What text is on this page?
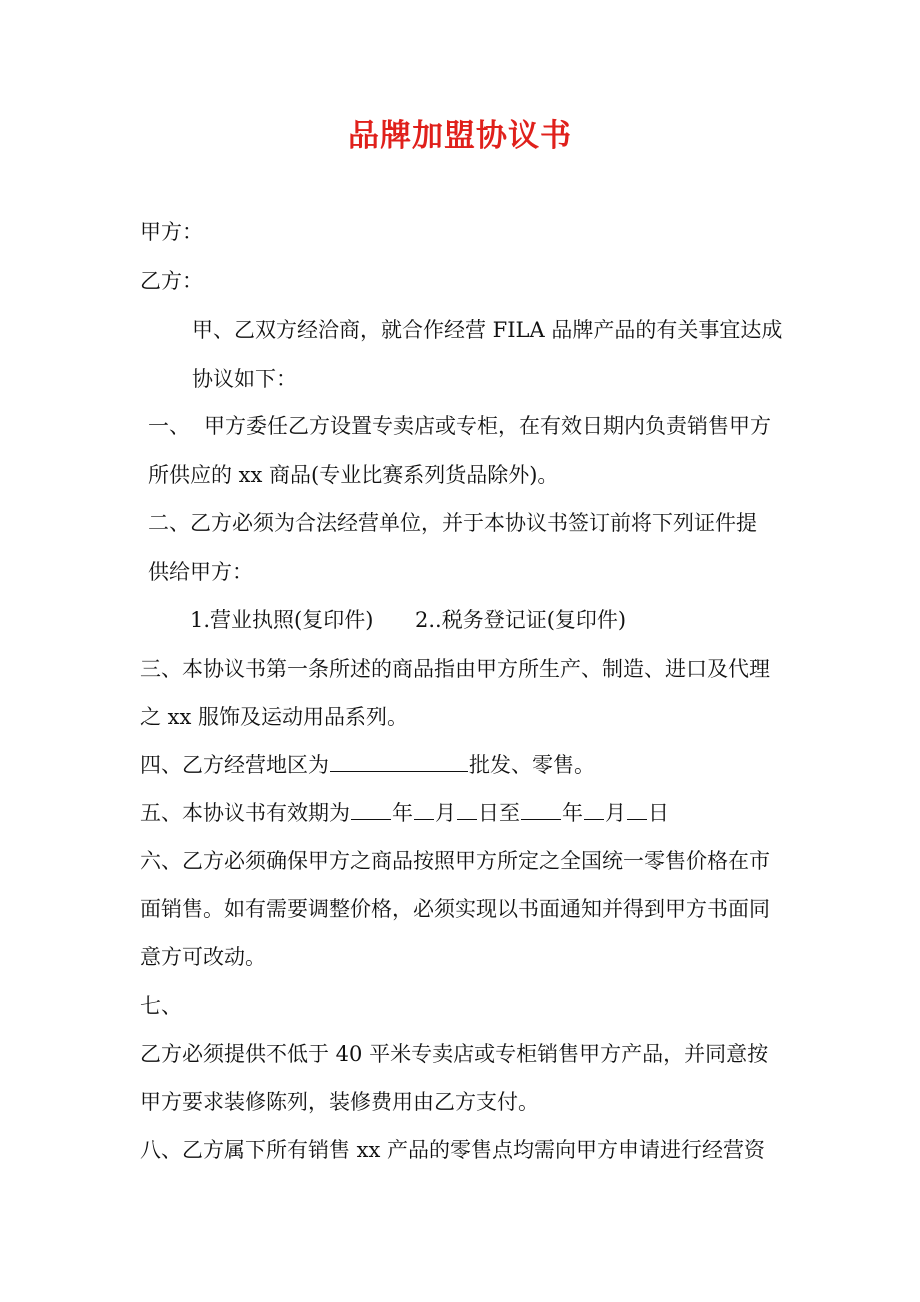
品牌加盟协议书
甲方：
乙方：
甲、乙双方经洽商，就合作经营 FILA 品牌产品的有关事宜达成
协议如下：
一、 甲方委任乙方设置专卖店或专柜，在有效日期内负责销售甲方
所供应的 xx 商品(专业比赛系列货品除外)。
二、乙方必须为合法经营单位，并于本协议书签订前将下列证件提
供给甲方：
1.营业执照(复印件) 2..税务登记证(复印件)
三、本协议书第一条所述的商品指由甲方所生产、制造、进口及代理
之 xx 服饰及运动用品系列。
四、乙方经营地区为	批发、零售。
五、本协议书有效期为 年 月 日至 年 月 日
六、乙方必须确保甲方之商品按照甲方所定之全国统一零售价格在市
面销售。如有需要调整价格，必须实现以书面通知并得到甲方书面同
意方可改动。
七、
乙方必须提供不低于 40 平米专卖店或专柜销售甲方产品，并同意按
甲方要求装修陈列，装修费用由乙方支付。
八、乙方属下所有销售 xx 产品的零售点均需向甲方申请进行经营资
